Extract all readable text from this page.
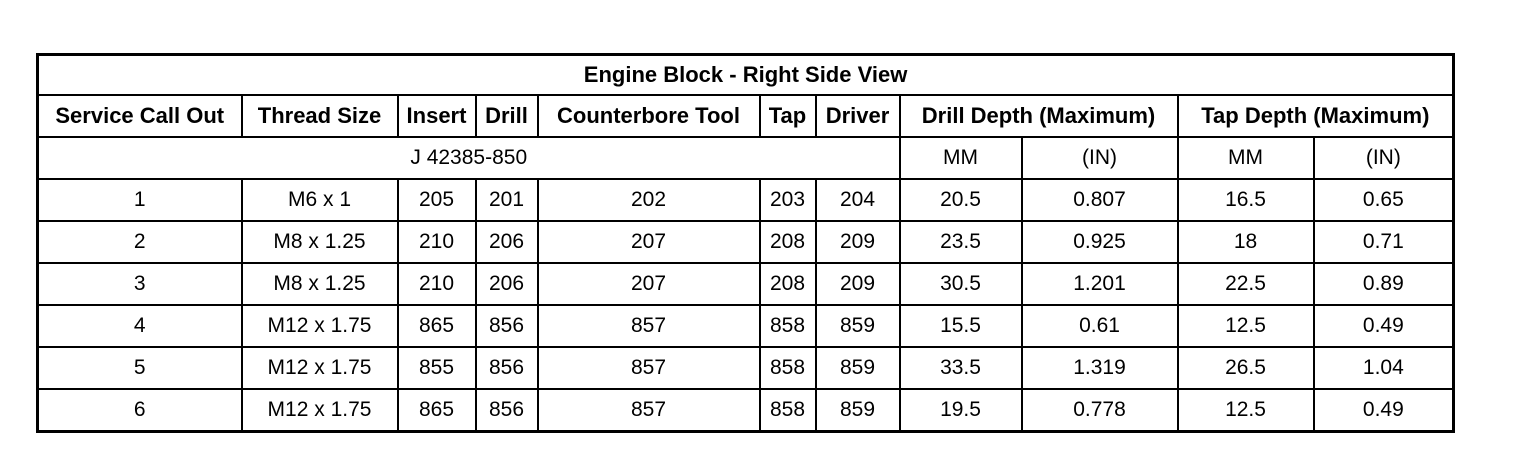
Engine Block - Right Side View										
Service Call Out	Thread Size	Insert	Drill	Counterbore Tool	Tap	Driver	Drill Depth (Maximum)		Tap Depth (Maximum)	
J 42385-850							MM	(IN)	MM	(IN)
1	M6 x 1	205	201	202	203	204	20.5	0.807	16.5	0.65
2	M8 x 1.25	210	206	207	208	209	23.5	0.925	18	0.71
3	M8 x 1.25	210	206	207	208	209	30.5	1.201	22.5	0.89
4	M12 x 1.75	865	856	857	858	859	15.5	0.61	12.5	0.49
5	M12 x 1.75	855	856	857	858	859	33.5	1.319	26.5	1.04
6	M12 x 1.75	865	856	857	858	859	19.5	0.778	12.5	0.49
